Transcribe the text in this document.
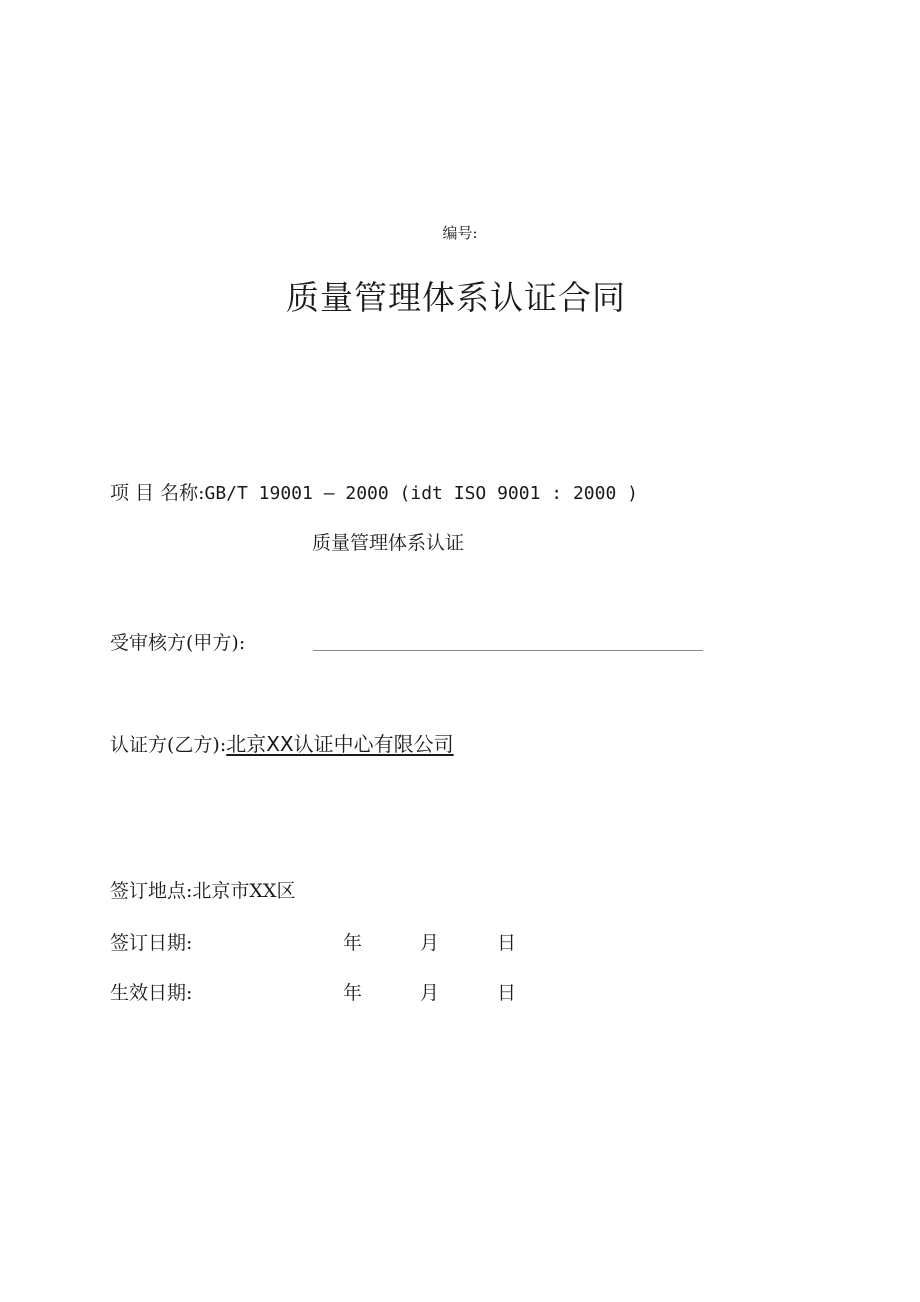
编号:
质量管理体系认证合同
项 目 名称:GB/T 19001 – 2000 (idt ISO 9001 : 2000 )
质量管理体系认证
受审核方(甲方):
认证方(乙方):北京XX认证中心有限公司
签订地点:北京市XX区
签订日期:	年	月	日
生效日期:	年	月	日
